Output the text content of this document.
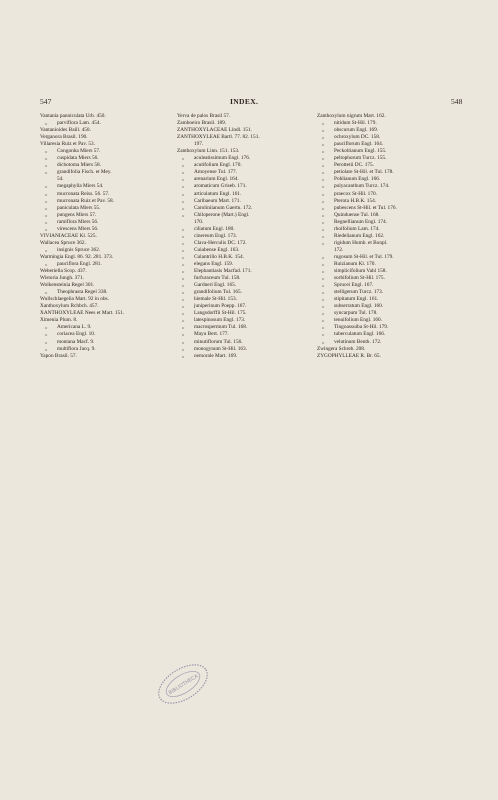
547	INDEX.	548
Vantania panniculata Urb. 450.
„ parviflora Lam. 454.
Vantanioides Baill. 450.
Verganora Brasil. 190.
Villaresia Ruiz et Pav. 53.
„ Congonha Miers 57.
„ cuspidata Miers 56.
„ dichotoma Miers 58.
„ grandifolia Fisch. et Mey.
54.
„ megaphylla Miers 54.
„ mucronata Reiss. 56. 57.
„ mucronata Ruiz et Pav. 58.
„ paniculata Miers 55.
„ pungens Miers 57.
„ ramiflora Miers 56.
„ virescens Miers 56.
VIVIANIACEAE Kl. 525.
Wallacea Spruce 362.
„ insignis Spruce 362.
Warmingia Engl. 86. 92. 281. 373.
„ pauciflora Engl. 281.
Weberiella Scop. 437.
Wistoria Jungh. 371.
Wolkensteinia Regel 301.
„ Theophrasta Regel 338.
Wullschlaegelia Mart. 92 in obs.
Xanthoxylum Rchbch. 457.
XANTHOXYLEAE Nees et Mart. 151.
Ximenia Plum. 8.
„ Americana L. 9.
„ coriacea Engl. 10.
„ montana Macf. 9.
„ multiflora Jacq. 9.
Yapon Brasil. 57.
Yerva de palos Brasil 57.
Zamboeiro Brasil. 189.
ZANTHOXYLACEAE Lindl. 151.
ZANTHOXYLEAE Bartl. 77. 82. 151.
197.
Zanthoxylum Linn. 151. 153.
„ aculeatissimum Engl. 176.
„ acutifolium Engl. 170.
„ Amoyense Tul. 177.
„ arenarium Engl. 164.
„ aromaticum Griseb. 171.
„ articulatum Engl. 161.
„ Caribaeum Mart. 171.
„ Caroliniianum Gaertn. 172.
„ Chiloperone (Mart.) Engl.
170.
„ ciliatum Engl. 180.
„ cinereum Engl. 173.
„ Clava-Herculis DC. 172.
„ Cuiabense Engl. 163.
„ Culantrillo H.B.K. 154.
„ elegans Engl. 159.
„ Elephantiasis Macfad. 171.
„ furfuraceum Tul. 158.
„ Gardneri Engl. 165.
„ grandifolium Tul. 165.
„ hiemale St-Hil. 153.
„ juniperinum Poepp. 167.
„ Langsdorffii St-Hil. 175.
„ latespinosum Engl. 173.
„ macrospermum Tul. 168.
„ Mayu Bert. 177.
„ minutiflorum Tul. 156.
„ monogynum St-Hil. 163.
„ nemorale Mart. 169.
Zanthoxylum nigrum Mart. 162.
„ nitidum St-Hil. 179.
„ obscurum Engl. 169.
„ ochroxylum DC. 158.
„ pauciflorum Engl. 164.
„ Peckoltianum Engl. 155.
„ peltophorum Turcz. 155.
„ Perottetii DC. 175.
„ petiolare St-Hil. et Tul. 178.
„ Pohlianum Engl. 166.
„ polyacanthum Turcz. 174.
„ praecox St-Hil. 170.
„ Pterota H.B.K. 154.
„ pubescens St-Hil. et Tul. 176.
„ Quinduense Tul. 168.
„ Regnellianum Engl. 174.
„ rhoifolium Lam. 174.
„ Riedelianum Engl. 162.
„ rigidum Humb. et Bonpl.
172.
„ rugosum St-Hil. et Tul. 179.
„ Ruizianum Kl. 170.
„ simplicifolium Vahl 158.
„ sorbifolium St-Hil. 175.
„ Sprucei Engl. 167.
„ stelligerum Turcz. 173.
„ stipitatum Engl. 161.
„ subserratum Engl. 160.
„ syncarpum Tul. 178.
„ tenuifolium Engl. 160.
„ Tingoassuiba St-Hil. 179.
„ tuberculatum Engl. 166.
„ velutinum Benth. 172.
Zwingera Schreb. 208.
ZYGOPHYLLEAE R. Br. 65.
BIBLIOTHECA
